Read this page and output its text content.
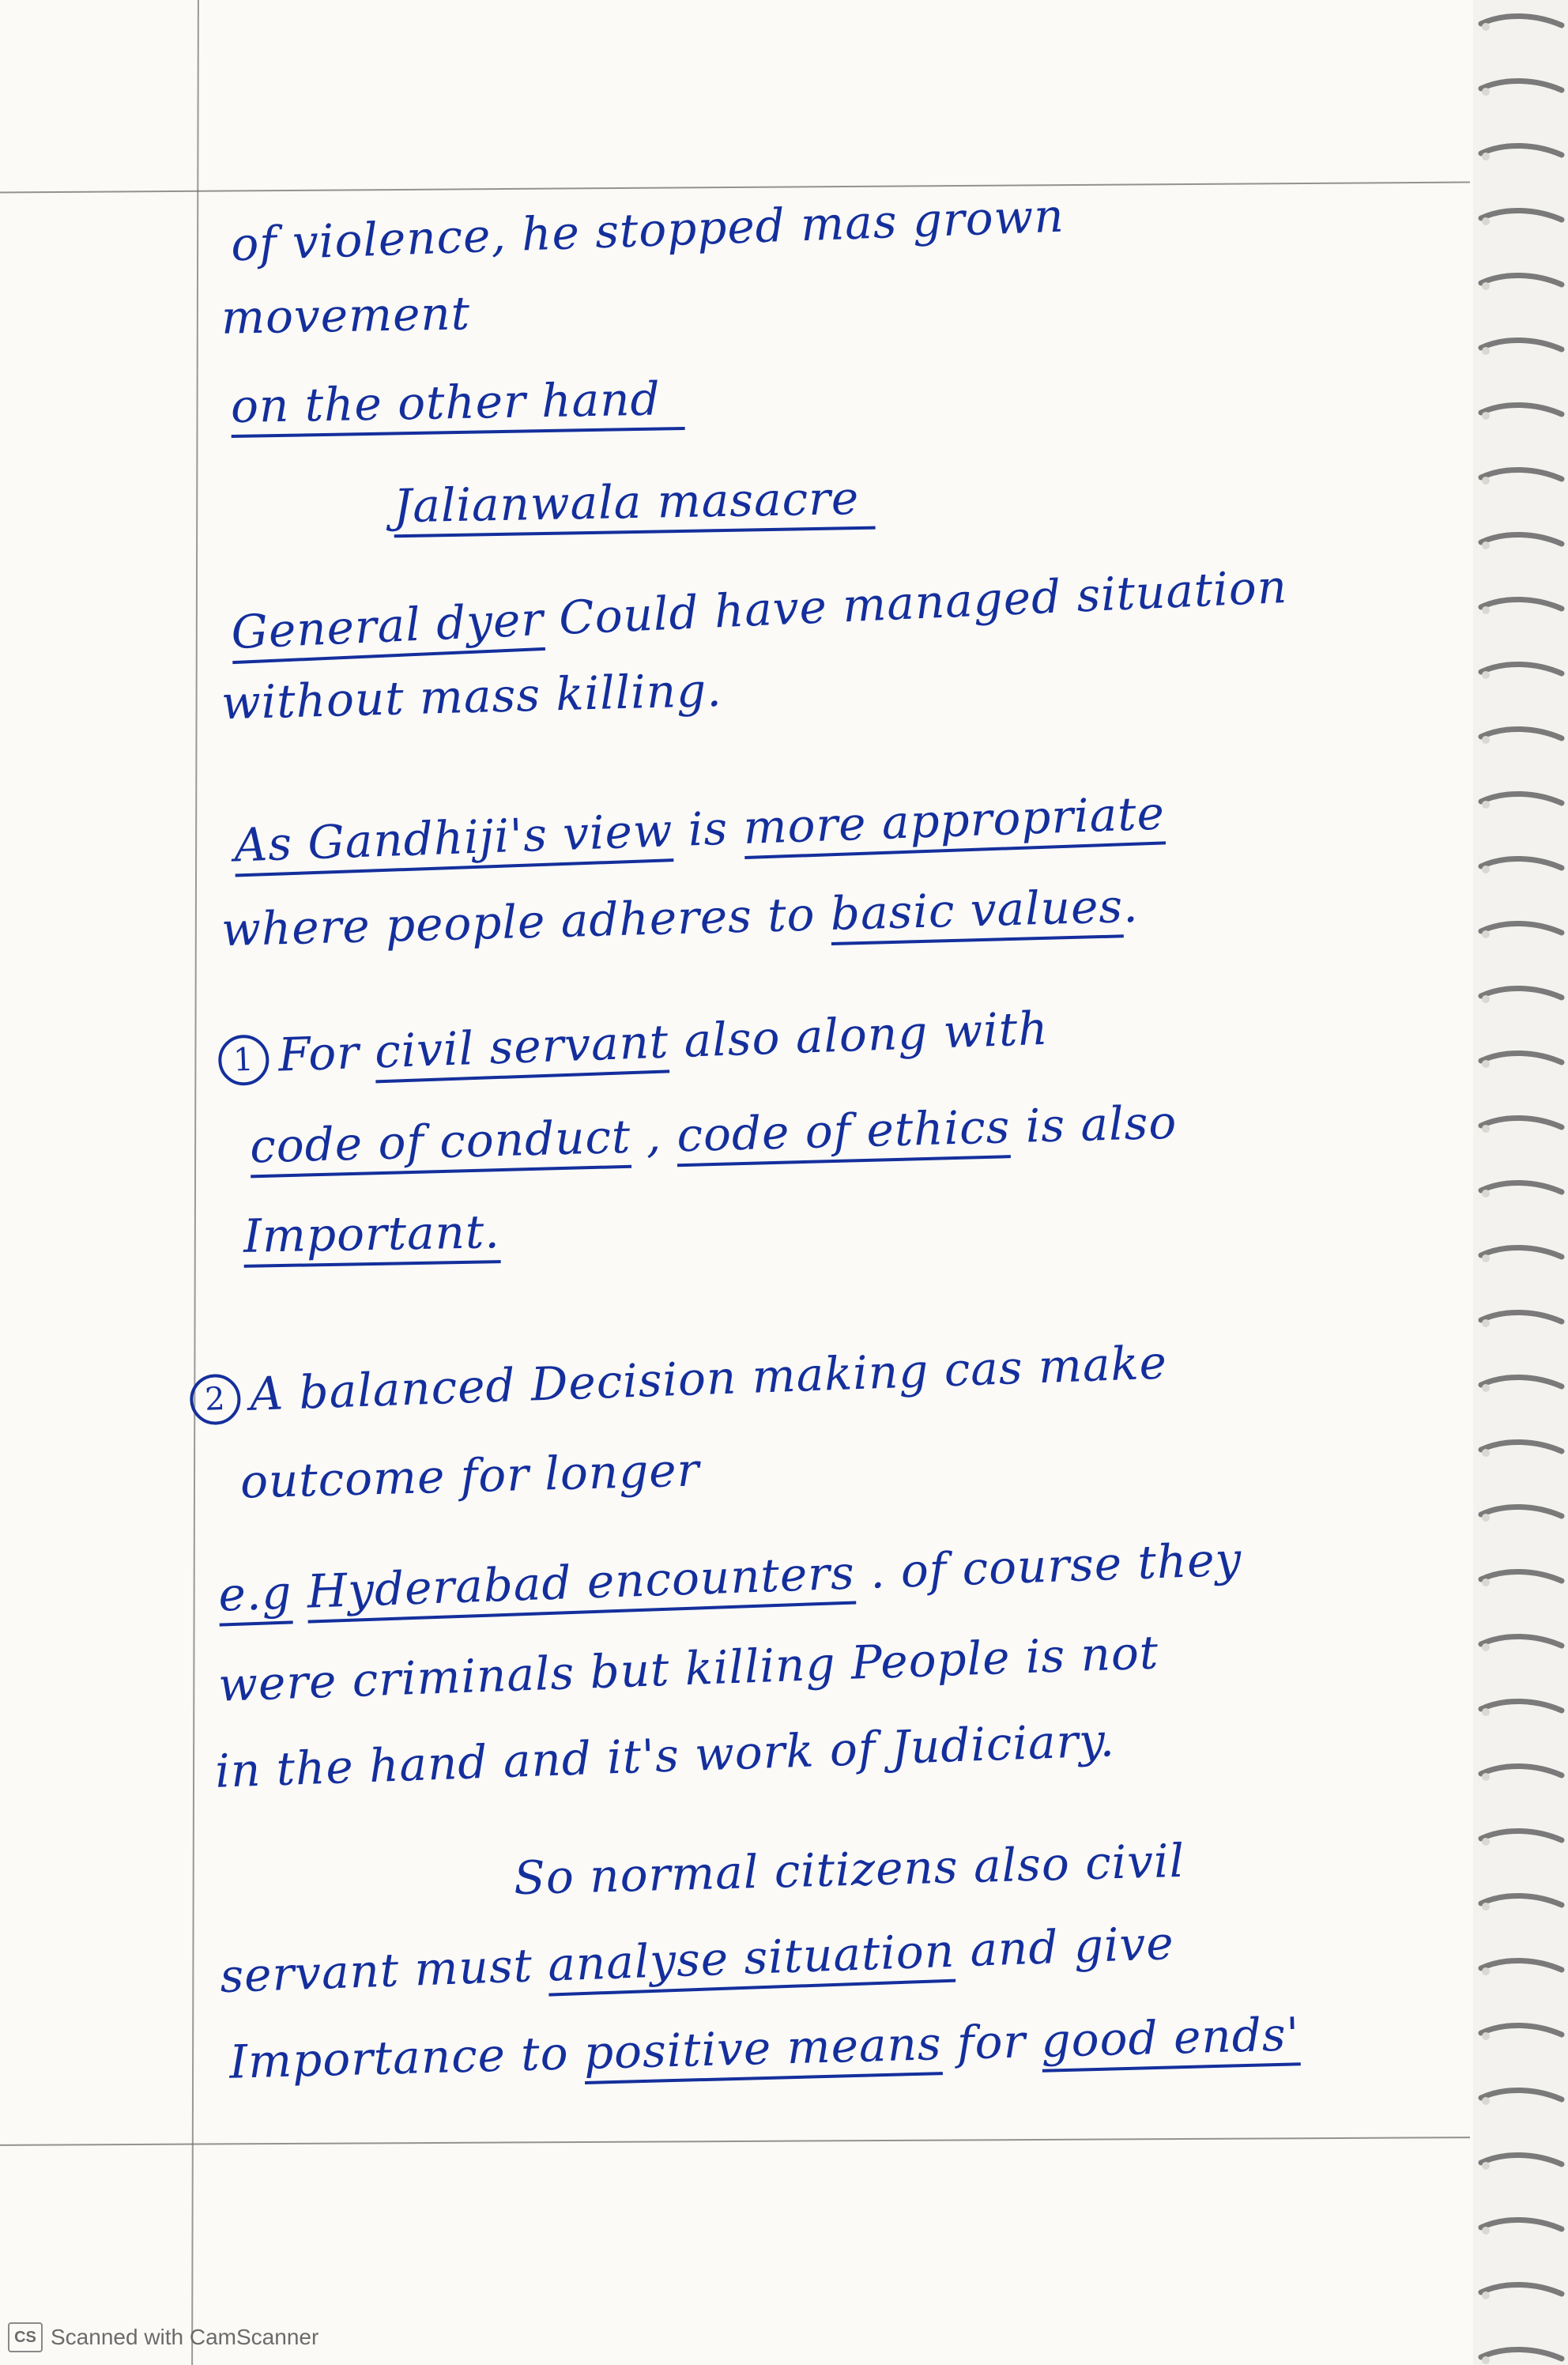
of violence, he stopped mas grown
movement
on the other hand
Jalianwala masacre
General dyer Could have managed situation
without mass killing.
As Gandhiji's view is more appropriate
where people adheres to basic values.
1 For civil servant also along with
code of conduct , code of ethics is also
Important.
2 A balanced Decision making cas make
outcome for longer
e.g Hyderabad encounters . of course they
were criminals but killing People is not
in the hand and it's work of Judiciary.
So normal citizens also civil
servant must analyse situation and give
Importance to positive means for good ends'
CS Scanned with CamScanner
